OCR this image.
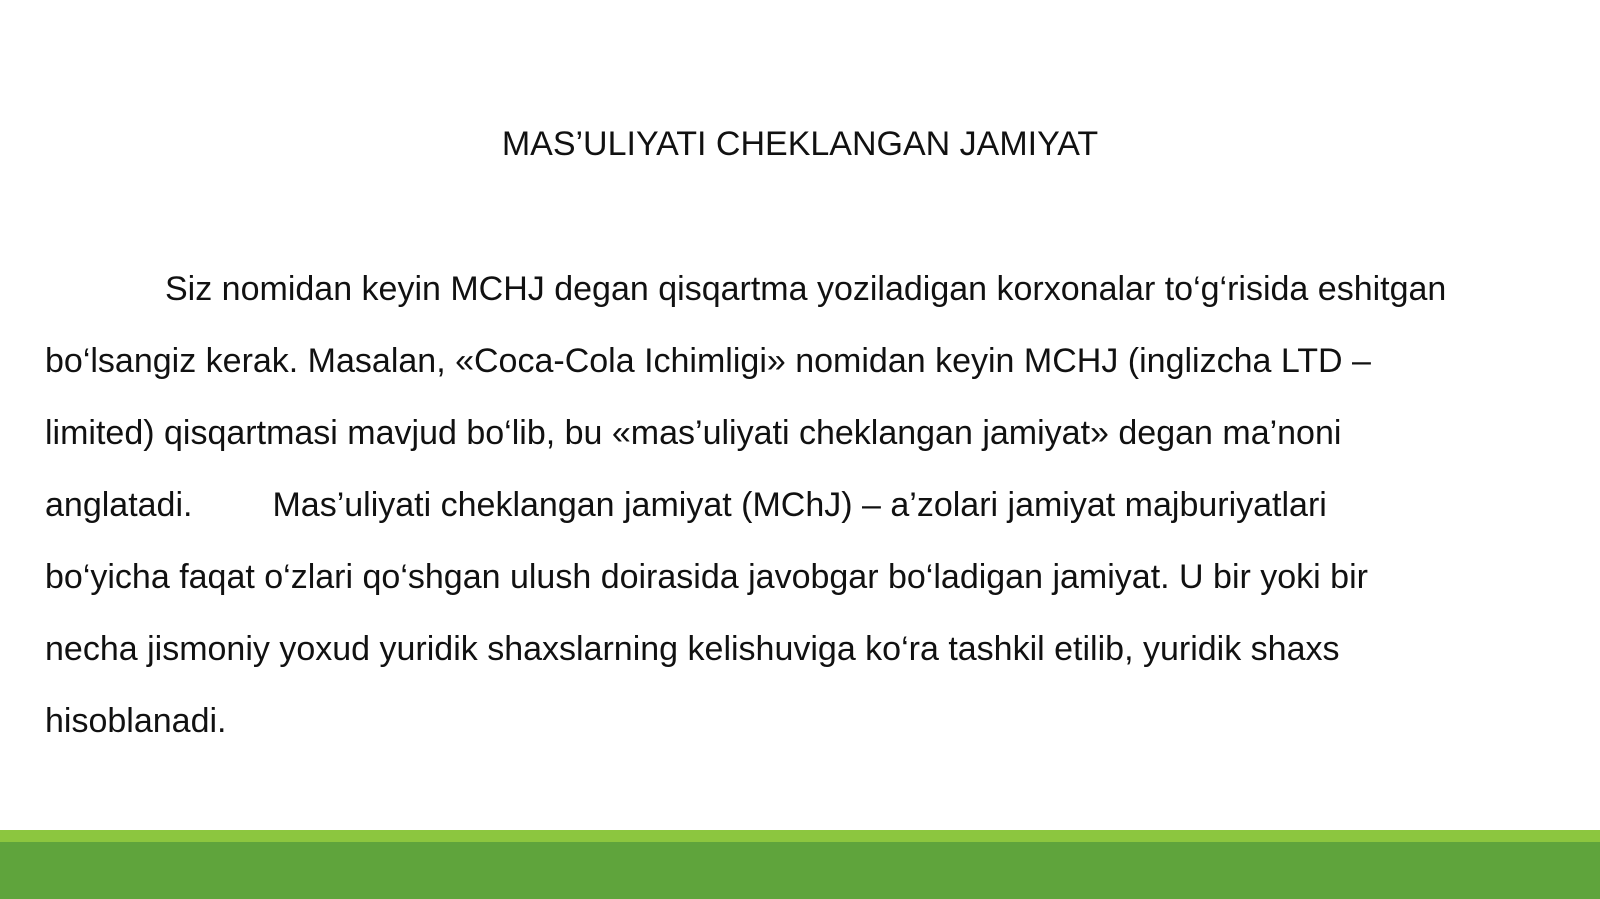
MAS’ULIYATI CHEKLANGAN JAMIYAT
Siz nomidan keyin MCHJ degan qisqartma yoziladigan korxonalar to‘g‘risida eshitgan
bo‘lsangiz kerak. Masalan, «Coca-Cola Ichimligi» nomidan keyin MCHJ (inglizcha LTD –
limited) qisqartmasi mavjud bo‘lib, bu «mas’uliyati cheklangan jamiyat» degan ma’noni
anglatadi. Mas’uliyati cheklangan jamiyat (MChJ) – a’zolari jamiyat majburiyatlari
bo‘yicha faqat o‘zlari qo‘shgan ulush doirasida javobgar bo‘ladigan jamiyat. U bir yoki bir
necha jismoniy yoxud yuridik shaxslarning kelishuviga ko‘ra tashkil etilib, yuridik shaxs
hisoblanadi.
